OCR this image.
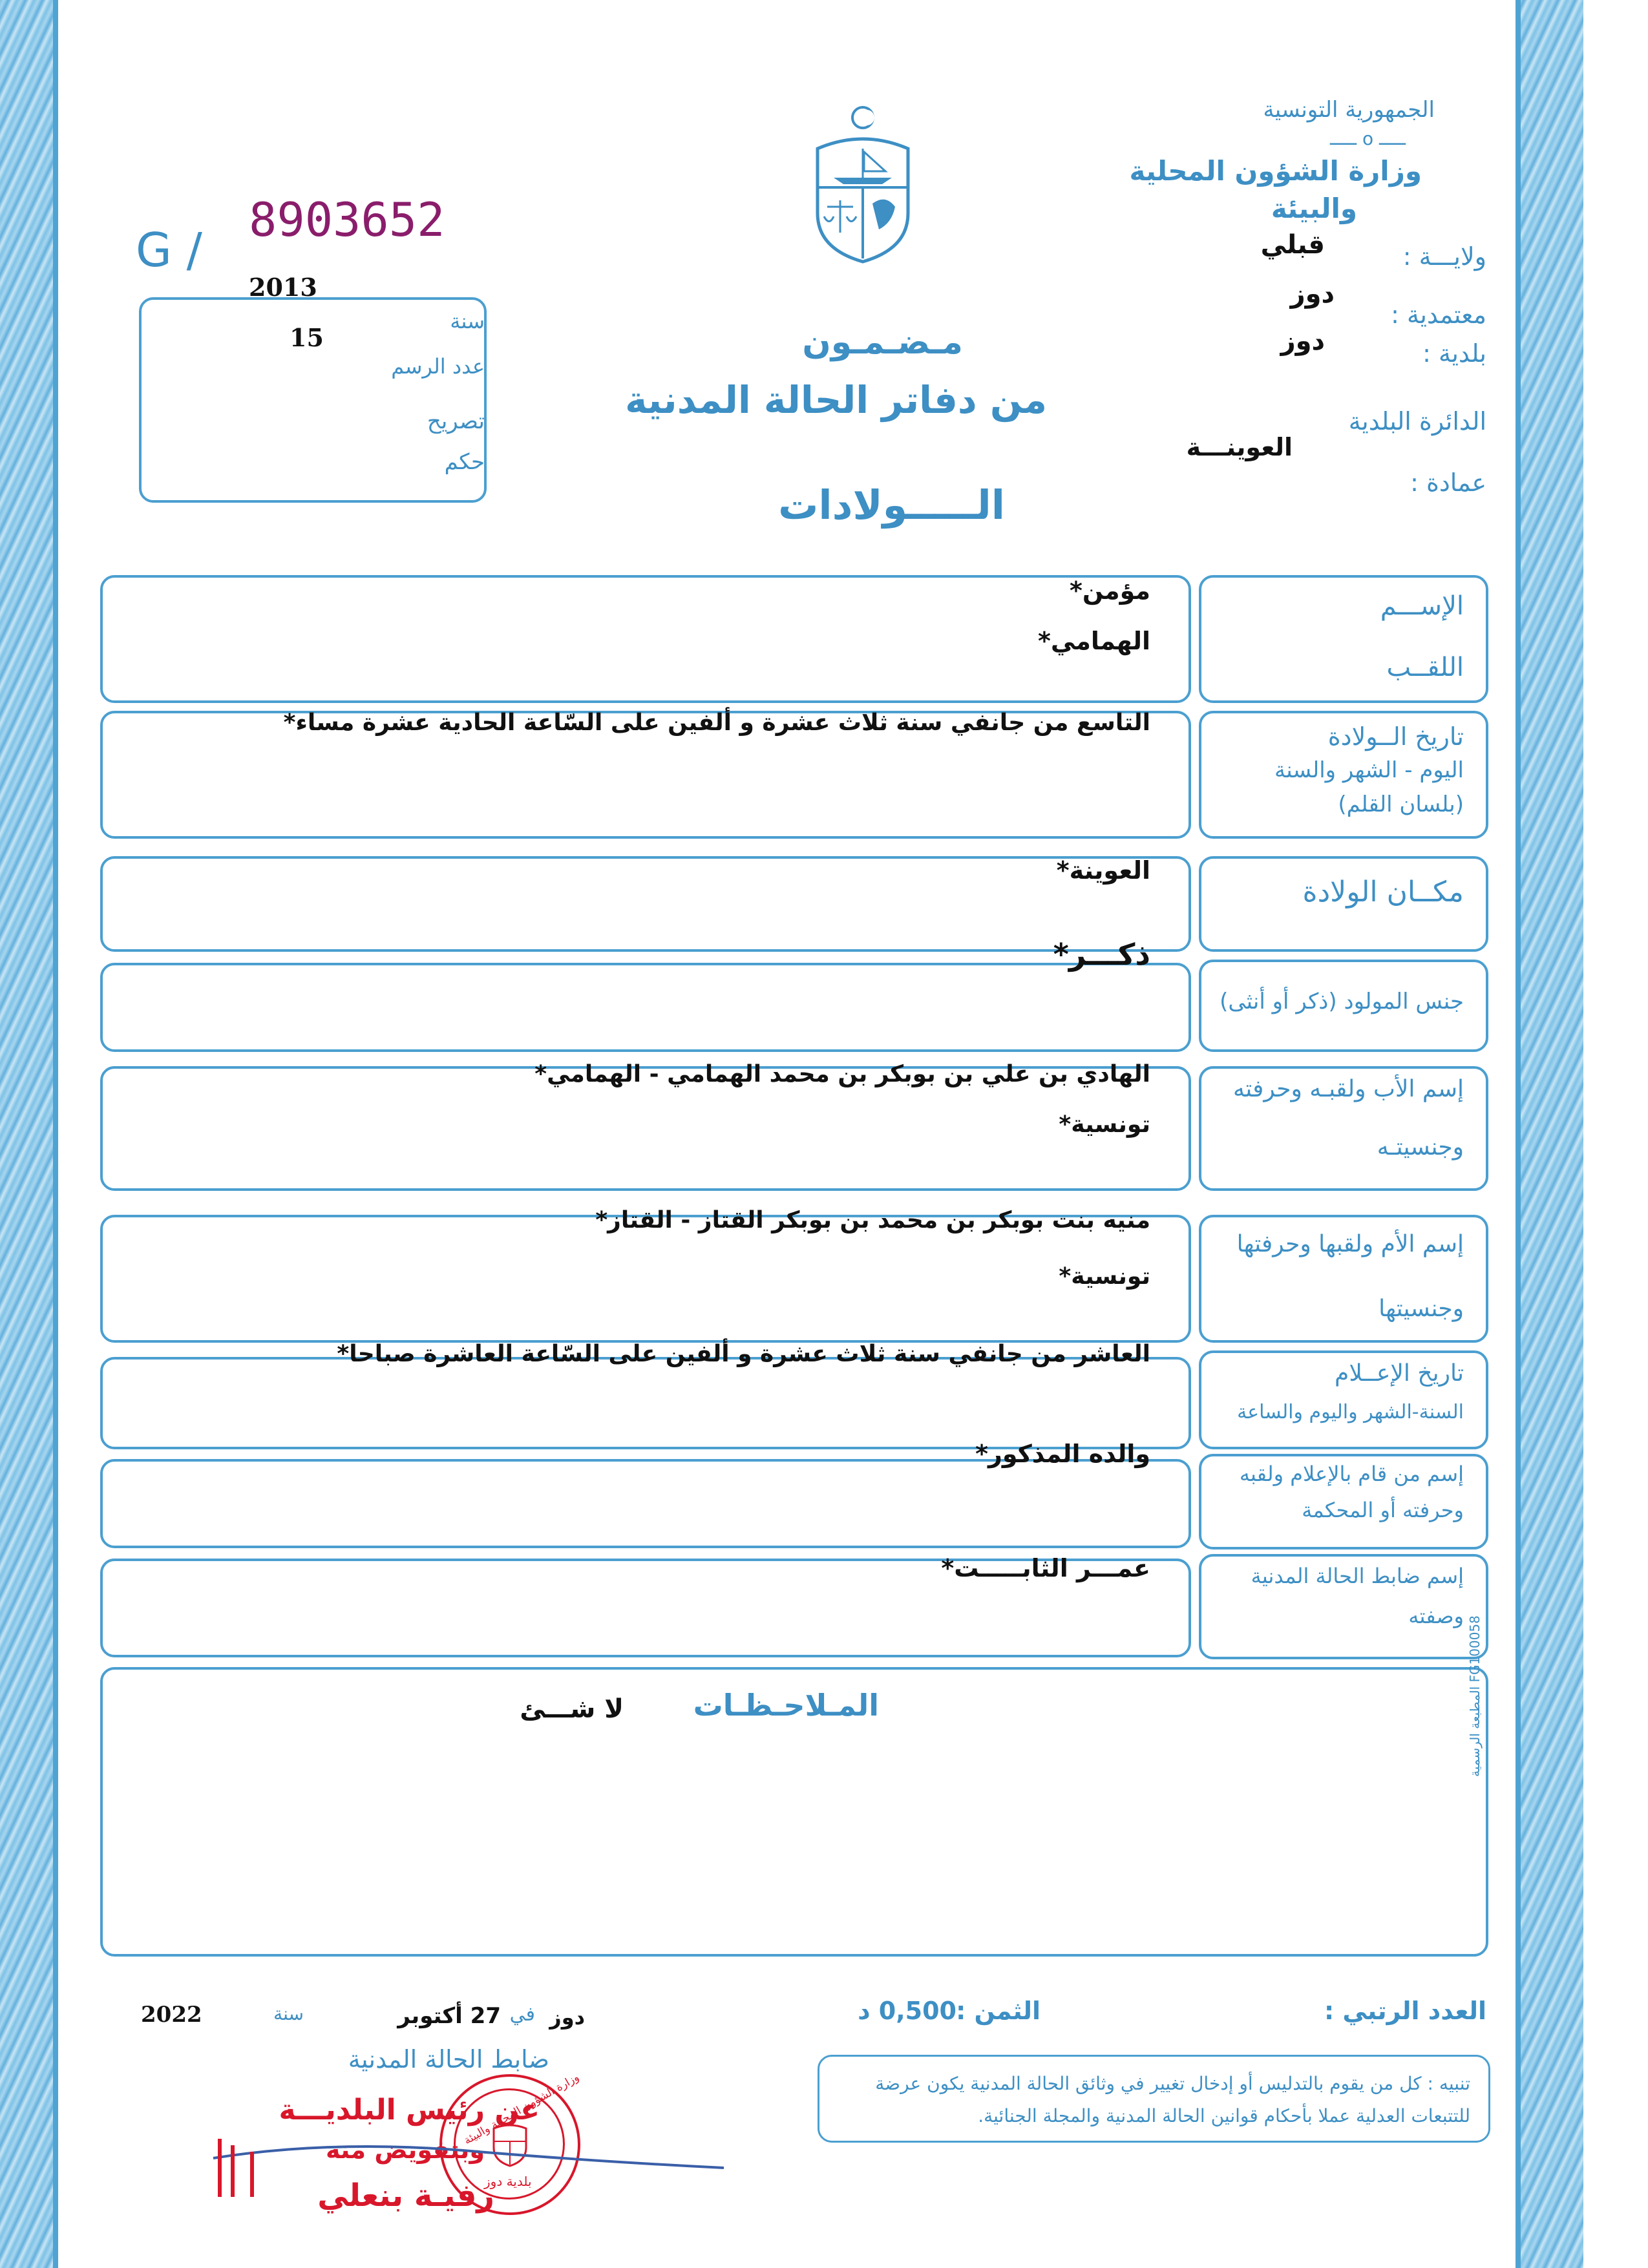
الجمهورية التونسية
ـــــ o ـــــ
وزارة الشؤون المحلية
والبيئة
ولايـــة :
قبلي
معتمدية :
دوز
بلدية :
دوز
الدائرة البلدية
العوينـــة
عمادة :
G /
8903652
2013
15
سنة
عدد الرسم
تصريح
حكم
مـضـمـون
من دفاتر الحالة المدنية
الـــــولادات
الإســـم
اللقــب
مؤمن*
الهمامي*
تاريخ الــولادة
اليوم - الشهر والسنة
(بلسان القلم)
التاسع من جانفي سنة ثلاث عشرة و ألفين على السّاعة الحادية عشرة مساء*
مكــان الولادة
العوينة*
جنس المولود (ذكر أو أنثى)
ذكـــر*
إسم الأب ولقبـه وحرفته
وجنسيتـه
الهادي بن علي بن بوبكر بن محمد الهمامي - الهمامي*
تونسية*
إسم الأم ولقبها وحرفتها
وجنسيتها
منيه بنت بوبكر بن محمد بن بوبكر القتاز - القتاز*
تونسية*
تاريخ الإعــلام
السنة-الشهر واليوم والساعة
العاشر من جانفي سنة ثلاث عشرة و ألفين على السّاعة العاشرة صباحا*
إسم من قام بالإعلام ولقبه
وحرفته أو المحكمة
والده المذكور*
إسم ضابط الحالة المدنية
وصفته
عمـــر الثابـــــت*
المـلاحـظـات
لا شـــئ	المطبعة الرسمية FG100058
العدد الرتبي :
الثمن :
0,500 د
دوز
في
27 أكتوبر
سنة
2022
ضابط الحالة المدنية
تنبيه : كل من يقوم بالتدليس أو إدخال تغيير في وثائق الحالة المدنية يكون عرضة
للتتبعات العدلية عملا بأحكام قوانين الحالة المدنية والمجلة الجنائية.
عن رئيس البلديـــة
وبتفويض منه
رفيـة بنعلي
وزارة الشؤون المحلية والبيئة
بلدية دوز
